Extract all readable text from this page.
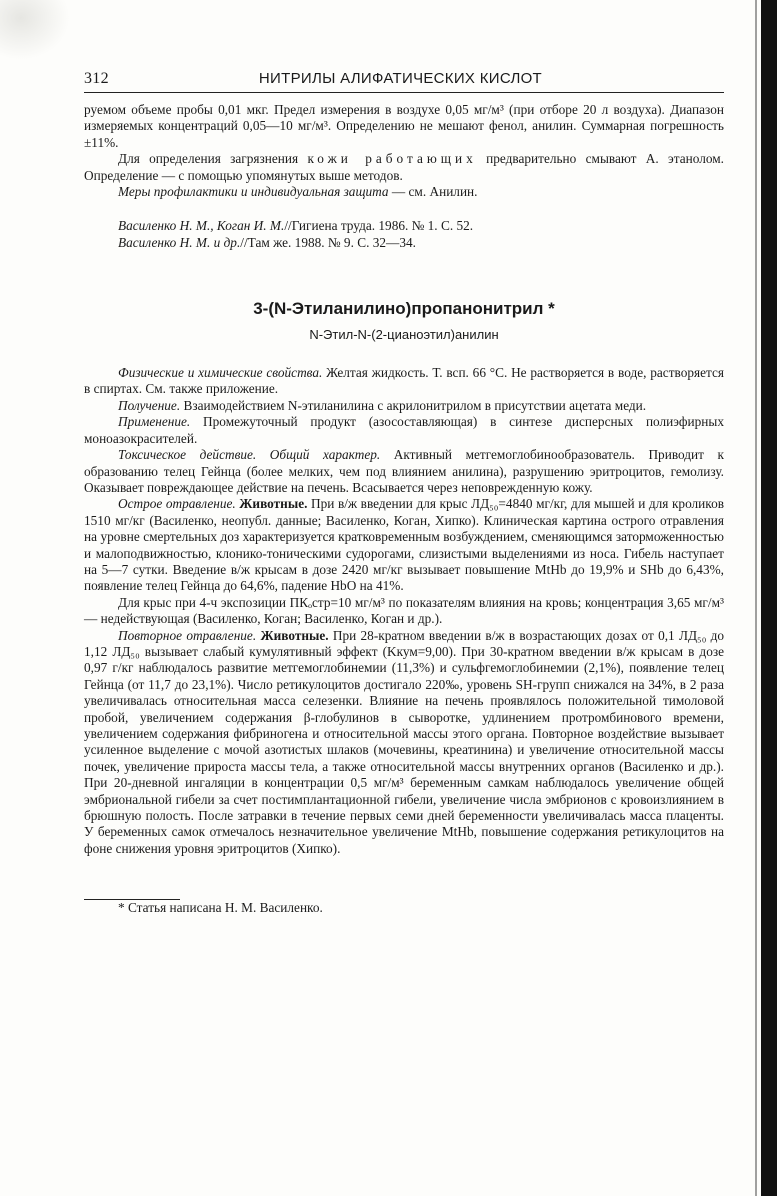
312	НИТРИЛЫ АЛИФАТИЧЕСКИХ КИСЛОТ

руемом объеме пробы 0,01 мкг. Предел измерения в воздухе 0,05 мг/м³ (при отборе 20 л воздуха). Диапазон измеряемых концентраций 0,05—10 мг/м³. Определению не мешают фенол, анилин. Суммарная погрешность ±11%.

Для определения загрязнения кожи работающих предварительно смывают А. этанолом. Определение — с помощью упомянутых выше методов.

Меры профилактики и индивидуальная защита — см. Анилин.

Василенко Н. М., Коган И. М.//Гигиена труда. 1986. № 1. С. 52.

Василенко Н. М. и др.//Там же. 1988. № 9. С. 32—34.

3-(N-Этиланилино)пропанонитрил *
N-Этил-N-(2-цианоэтил)анилин

Физические и химические свойства. Желтая жидкость. Т. всп. 66 °С. Не растворяется в воде, растворяется в спиртах. См. также приложение.

Получение. Взаимодействием N-этиланилина с акрилонитрилом в присутствии ацетата меди.

Применение. Промежуточный продукт (азосоставляющая) в синтезе дисперсных полиэфирных моноазокрасителей.

Токсическое действие. Общий характер. Активный метгемоглобинообразователь. Приводит к образованию телец Гейнца (более мелких, чем под влиянием анилина), разрушению эритроцитов, гемолизу. Оказывает повреждающее действие на печень. Всасывается через неповрежденную кожу.

Острое отравление. Животные. При в/ж введении для крыс ЛД₅₀=4840 мг/кг, для мышей и для кроликов 1510 мг/кг (Василенко, неопубл. данные; Василенко, Коган, Хипко). Клиническая картина острого отравления на уровне смертельных доз характеризуется кратковременным возбуждением, сменяющимся заторможенностью и малоподвижностью, клонико-тоническими судорогами, слизистыми выделениями из носа. Гибель наступает на 5—7 сутки. Введение в/ж крысам в дозе 2420 мг/кг вызывает повышение MtHb до 19,9% и SHb до 6,43%, появление телец Гейнца до 64,6%, падение HbO на 41%.

Для крыс при 4-ч экспозиции ПКₒстр=10 мг/м³ по показателям влияния на кровь; концентрация 3,65 мг/м³ — недействующая (Василенко, Коган; Василенко, Коган и др.).

Повторное отравление. Животные. При 28-кратном введении в/ж в возрастающих дозах от 0,1 ЛД₅₀ до 1,12 ЛД₅₀ вызывает слабый кумулятивный эффект (Kкум=9,00). При 30-кратном введении в/ж крысам в дозе 0,97 г/кг наблюдалось развитие метгемоглобинемии (11,3%) и сульфгемоглобинемии (2,1%), появление телец Гейнца (от 11,7 до 23,1%). Число ретикулоцитов достигало 220‰, уровень SH-групп снижался на 34%, в 2 раза увеличивалась относительная масса селезенки. Влияние на печень проявлялось положительной тимоловой пробой, увеличением содержания β-глобулинов в сыворотке, удлинением протромбинового времени, увеличением содержания фибриногена и относительной массы этого органа. Повторное воздействие вызывает усиленное выделение с мочой азотистых шлаков (мочевины, креатинина) и увеличение относительной массы почек, увеличение прироста массы тела, а также относительной массы внутренних органов (Василенко и др.). При 20-дневной ингаляции в концентрации 0,5 мг/м³ беременным самкам наблюдалось увеличение общей эмбриональной гибели за счет постимплантационной гибели, увеличение числа эмбрионов с кровоизлиянием в брюшную полость. После затравки в течение первых семи дней беременности увеличивалась масса плаценты. У беременных самок отмечалось незначительное увеличение MtHb, повышение содержания ретикулоцитов на фоне снижения уровня эритроцитов (Хипко).

* Статья написана Н. М. Василенко.
